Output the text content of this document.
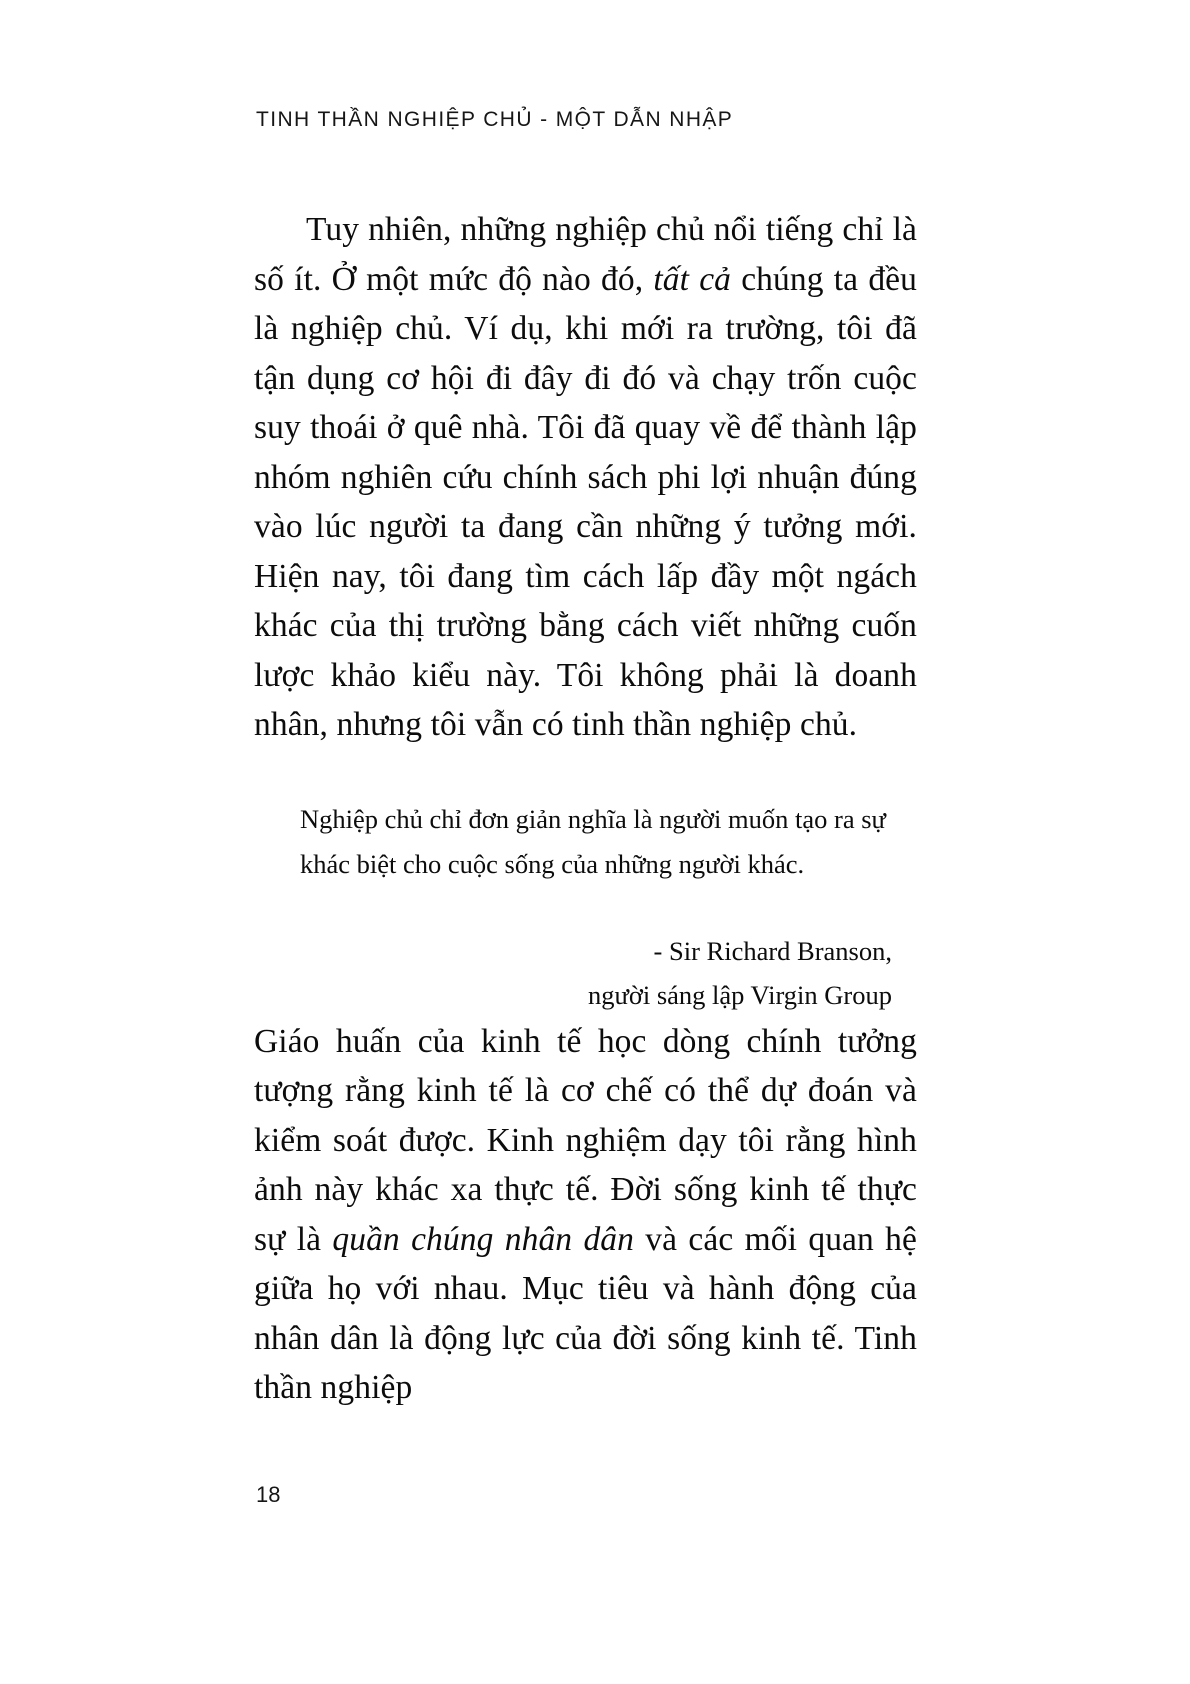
TINH THẦN NGHIỆP CHỦ - MỘT DẪN NHẬP

Tuy nhiên, những nghiệp chủ nổi tiếng chỉ là số ít. Ở một mức độ nào đó, tất cả chúng ta đều là nghiệp chủ. Ví dụ, khi mới ra trường, tôi đã tận dụng cơ hội đi đây đi đó và chạy trốn cuộc suy thoái ở quê nhà. Tôi đã quay về để thành lập nhóm nghiên cứu chính sách phi lợi nhuận đúng vào lúc người ta đang cần những ý tưởng mới. Hiện nay, tôi đang tìm cách lấp đầy một ngách khác của thị trường bằng cách viết những cuốn lược khảo kiểu này. Tôi không phải là doanh nhân, nhưng tôi vẫn có tinh thần nghiệp chủ.

Nghiệp chủ chỉ đơn giản nghĩa là người muốn tạo ra sự khác biệt cho cuộc sống của những người khác.

- Sir Richard Branson,
người sáng lập Virgin Group

Giáo huấn của kinh tế học dòng chính tưởng tượng rằng kinh tế là cơ chế có thể dự đoán và kiểm soát được. Kinh nghiệm dạy tôi rằng hình ảnh này khác xa thực tế. Đời sống kinh tế thực sự là quần chúng nhân dân và các mối quan hệ giữa họ với nhau. Mục tiêu và hành động của nhân dân là động lực của đời sống kinh tế. Tinh thần nghiệp

18
